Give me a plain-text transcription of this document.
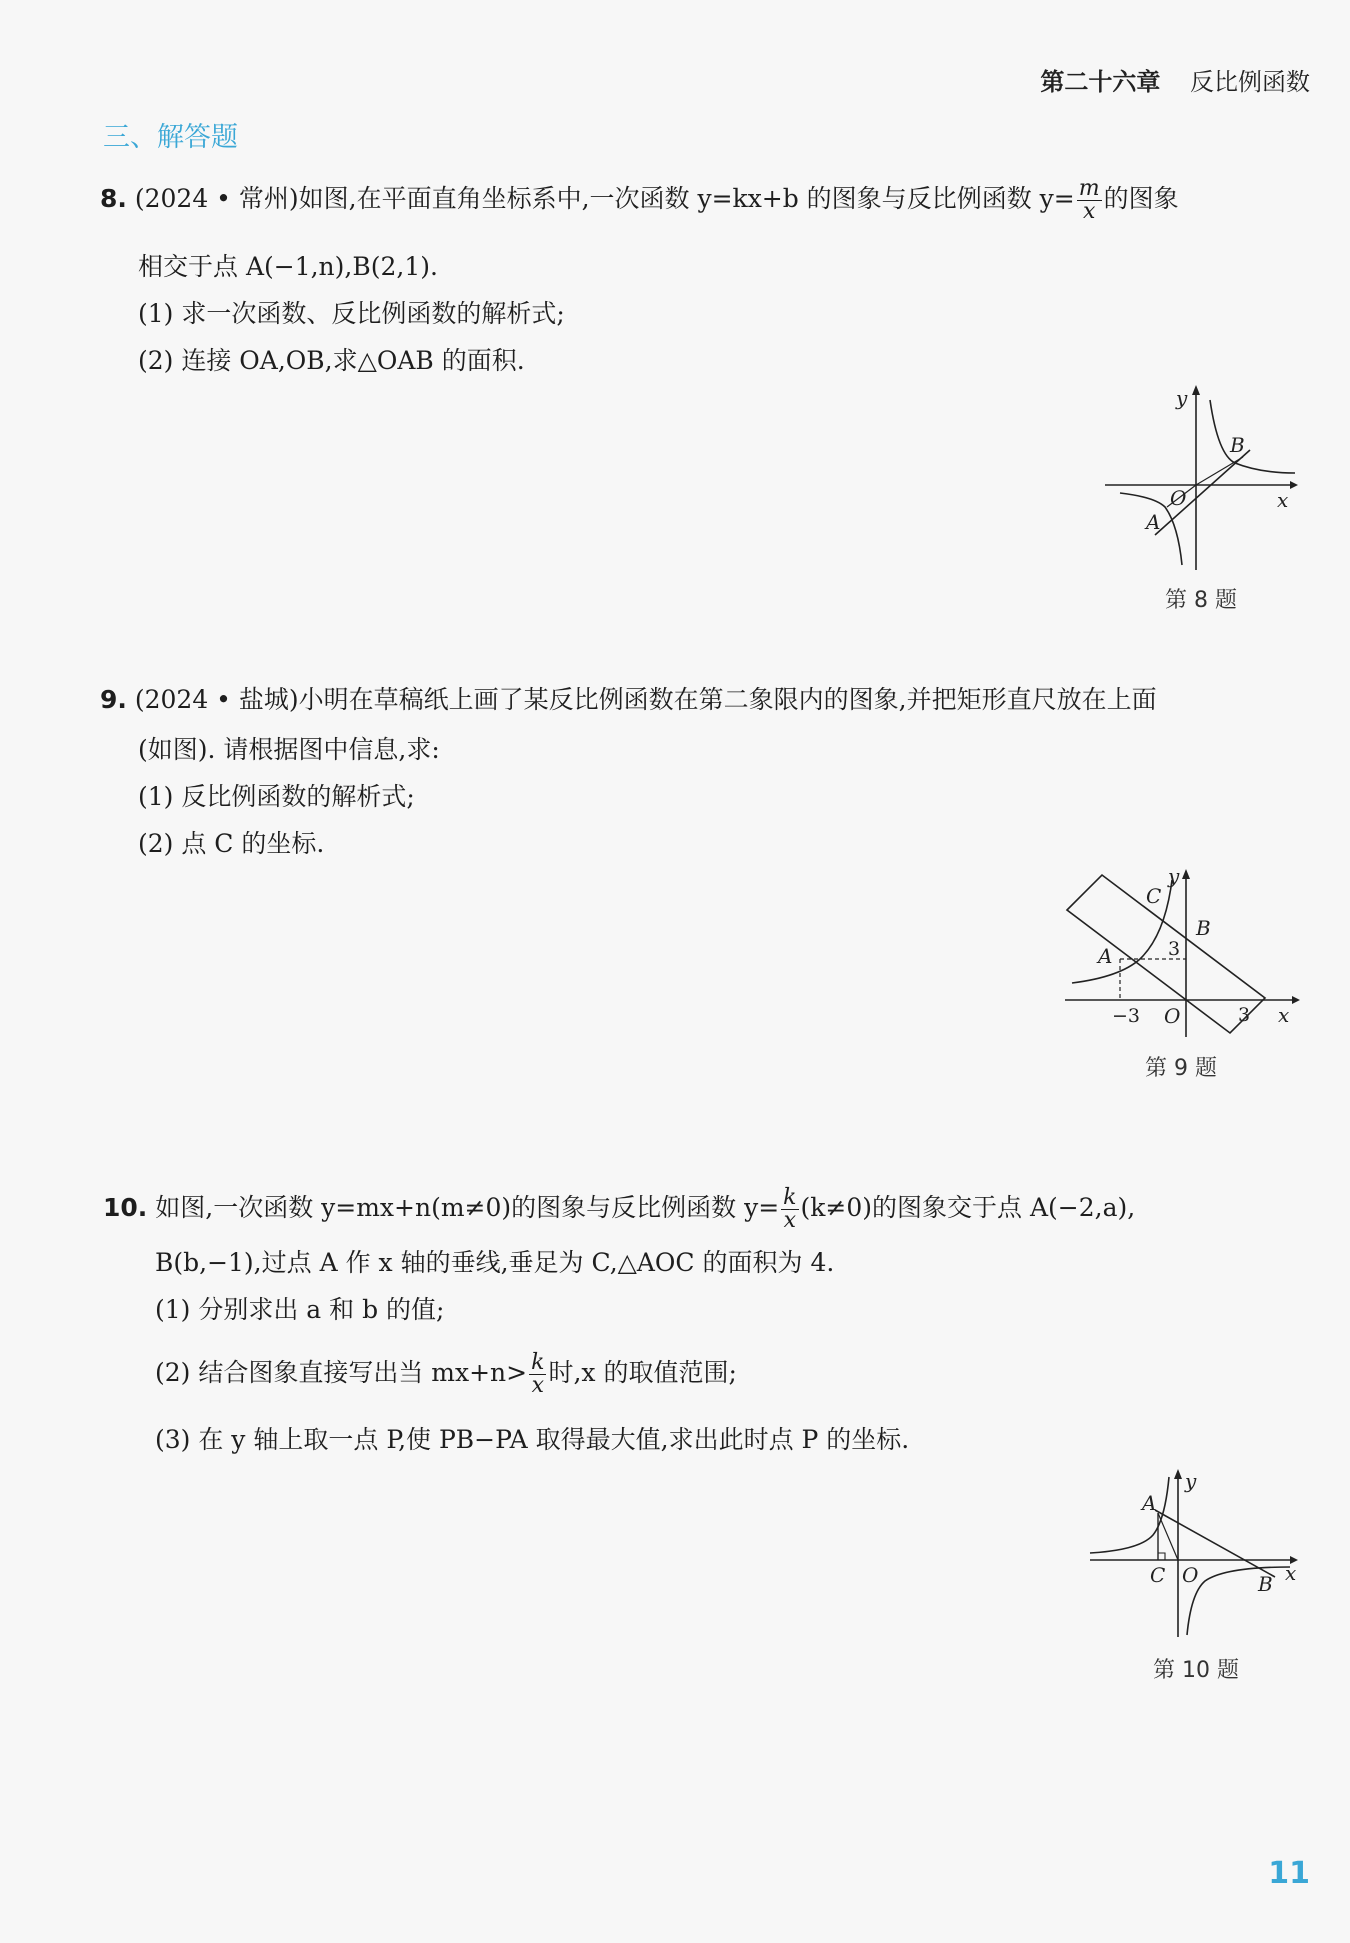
第二十六章 反比例函数
三、解答题
8. (2024 • 常州)如图,在平面直角坐标系中,一次函数 y=kx+b 的图象与反比例函数 $y= \frac{m}{x}$ 的图象
相交于点 A(−1,n),B(2,1).
(1) 求一次函数、反比例函数的解析式;
(2) 连接 OA,OB,求△OAB 的面积.
y
x
O
A
B
第 8 题
9. (2024 • 盐城)小明在草稿纸上画了某反比例函数在第二象限内的图象,并把矩形直尺放在上面
(如图). 请根据图中信息,求:
(1) 反比例函数的解析式;
(2) 点 C 的坐标.
y
x
O
A
B
C
3
−3	3
第 9 题
10. 如图,一次函数 y=mx+n(m≠0)的图象与反比例函数 $y= \frac{k}{x} (k\ne 0)$的图象交于点 A(−2,a),
B(b,−1),过点 A 作 x 轴的垂线,垂足为 C,△AOC 的面积为 4.
(1) 分别求出 a 和 b 的值;
(2) 结合图象直接写出当 $mx+n> \frac{k}{x}$ 时,x 的取值范围;
(3) 在 y 轴上取一点 P,使 PB−PA 取得最大值,求出此时点 P 的坐标.
y
x
O
A
B
C
第 10 题
11
